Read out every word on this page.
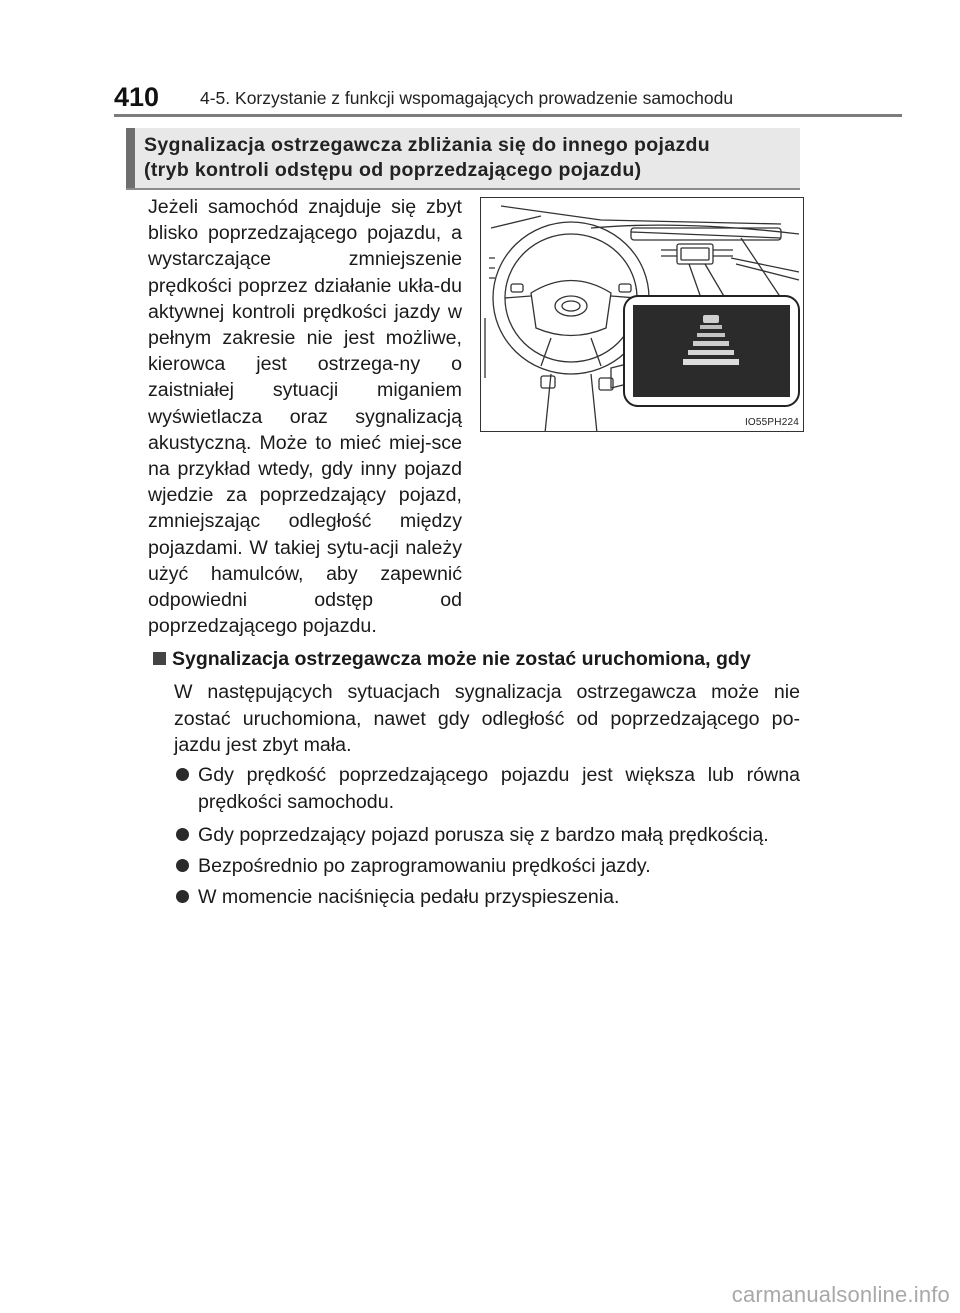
410 4-5. Korzystanie z funkcji wspomagających prowadzenie samochodu
Sygnalizacja ostrzegawcza zbliżania się do innego pojazdu
(tryb kontroli odstępu od poprzedzającego pojazdu)

Jeżeli samochód znajduje się zbyt blisko poprzedzającego pojazdu, a wystarczające zmniejszenie prędkości poprzez działanie ukła-du aktywnej kontroli prędkości jazdy w pełnym zakresie nie jest możliwe, kierowca jest ostrzega-ny o zaistniałej sytuacji miganiem wyświetlacza oraz sygnalizacją akustyczną. Może to mieć miej-sce na przykład wtedy, gdy inny pojazd wjedzie za poprzedzający pojazd, zmniejszając odległość między pojazdami. W takiej sytu-acji należy użyć hamulców, aby zapewnić odpowiedni odstęp od poprzedzającego pojazdu.

IO55PH224
Sygnalizacja ostrzegawcza może nie zostać uruchomiona, gdy

W następujących sytuacjach sygnalizacja ostrzegawcza może nie zostać uruchomiona, nawet gdy odległość od poprzedzającego po-jazdu jest zbyt mała.

Gdy prędkość poprzedzającego pojazdu jest większa lub równa prędkości samochodu.

Gdy poprzedzający pojazd porusza się z bardzo małą prędkością.

Bezpośrednio po zaprogramowaniu prędkości jazdy.

W momencie naciśnięcia pedału przyspieszenia.

carmanualsonline.info
